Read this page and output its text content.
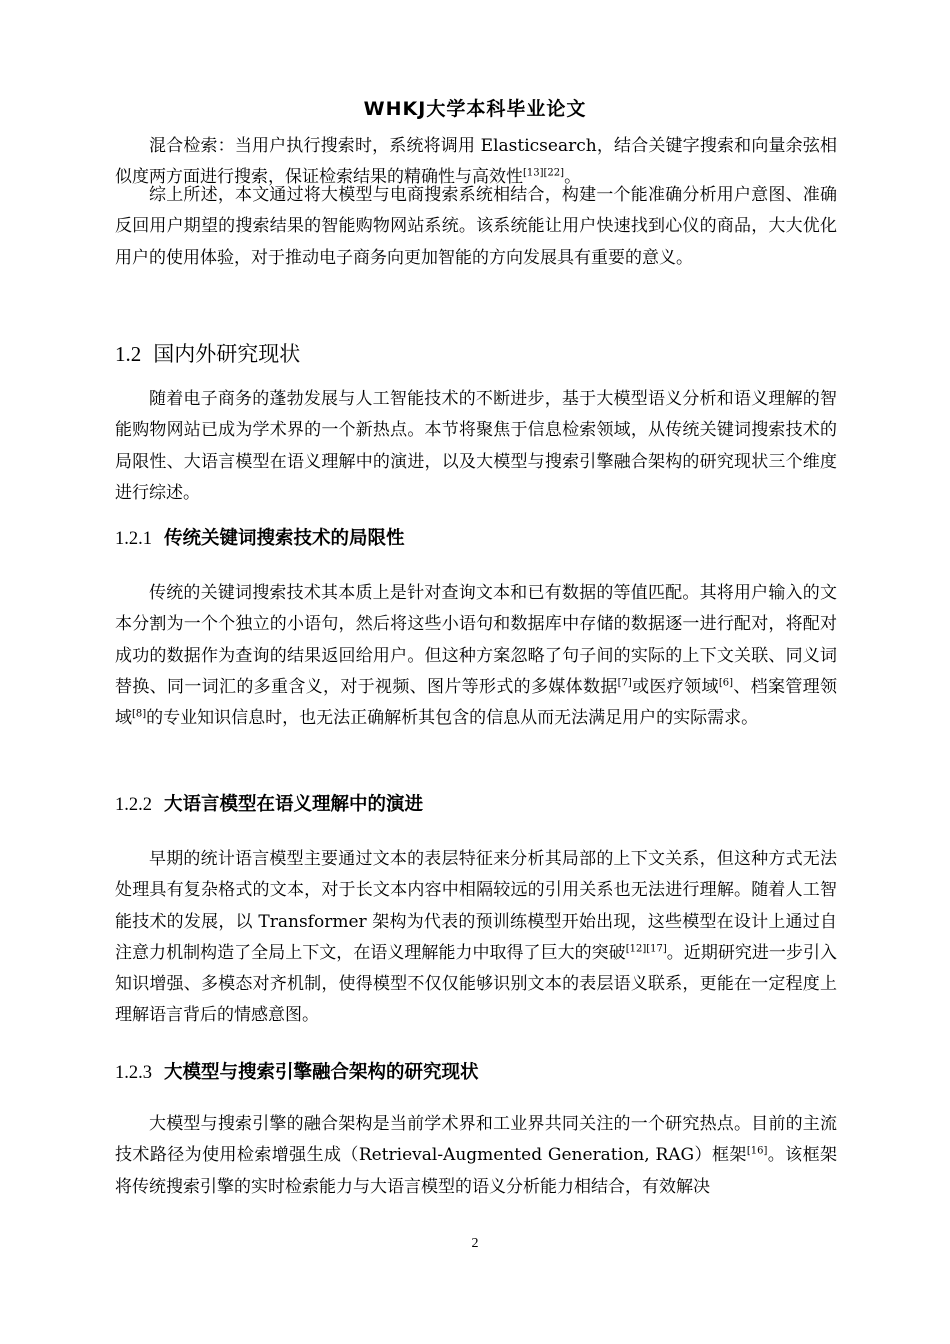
WHKJ大学本科毕业论文

混合检索：当用户执行搜索时，系统将调用 Elasticsearch，结合关键字搜索和向量余弦相似度两方面进行搜索，保证检索结果的精确性与高效性[13][22]。

综上所述，本文通过将大模型与电商搜索系统相结合，构建一个能准确分析用户意图、准确反回用户期望的搜索结果的智能购物网站系统。该系统能让用户快速找到心仪的商品，大大优化用户的使用体验，对于推动电子商务向更加智能的方向发展具有重要的意义。

1.2 国内外研究现状

随着电子商务的蓬勃发展与人工智能技术的不断进步，基于大模型语义分析和语义理解的智能购物网站已成为学术界的一个新热点。本节将聚焦于信息检索领域，从传统关键词搜索技术的局限性、大语言模型在语义理解中的演进，以及大模型与搜索引擎融合架构的研究现状三个维度进行综述。

1.2.1 传统关键词搜索技术的局限性

传统的关键词搜索技术其本质上是针对查询文本和已有数据的等值匹配。其将用户输入的文本分割为一个个独立的小语句，然后将这些小语句和数据库中存储的数据逐一进行配对，将配对成功的数据作为查询的结果返回给用户。但这种方案忽略了句子间的实际的上下文关联、同义词替换、同一词汇的多重含义，对于视频、图片等形式的多媒体数据[7]或医疗领域[6]、档案管理领域[8]的专业知识信息时，也无法正确解析其包含的信息从而无法满足用户的实际需求。

1.2.2 大语言模型在语义理解中的演进

早期的统计语言模型主要通过文本的表层特征来分析其局部的上下文关系，但这种方式无法处理具有复杂格式的文本，对于长文本内容中相隔较远的引用关系也无法进行理解。随着人工智能技术的发展，以 Transformer 架构为代表的预训练模型开始出现，这些模型在设计上通过自注意力机制构造了全局上下文，在语义理解能力中取得了巨大的突破[12][17]。近期研究进一步引入知识增强、多模态对齐机制，使得模型不仅仅能够识别文本的表层语义联系，更能在一定程度上理解语言背后的情感意图。

1.2.3 大模型与搜索引擎融合架构的研究现状

大模型与搜索引擎的融合架构是当前学术界和工业界共同关注的一个研究热点。目前的主流技术路径为使用检索增强生成（Retrieval-Augmented Generation, RAG）框架[16]。该框架将传统搜索引擎的实时检索能力与大语言模型的语义分析能力相结合，有效解决

2
